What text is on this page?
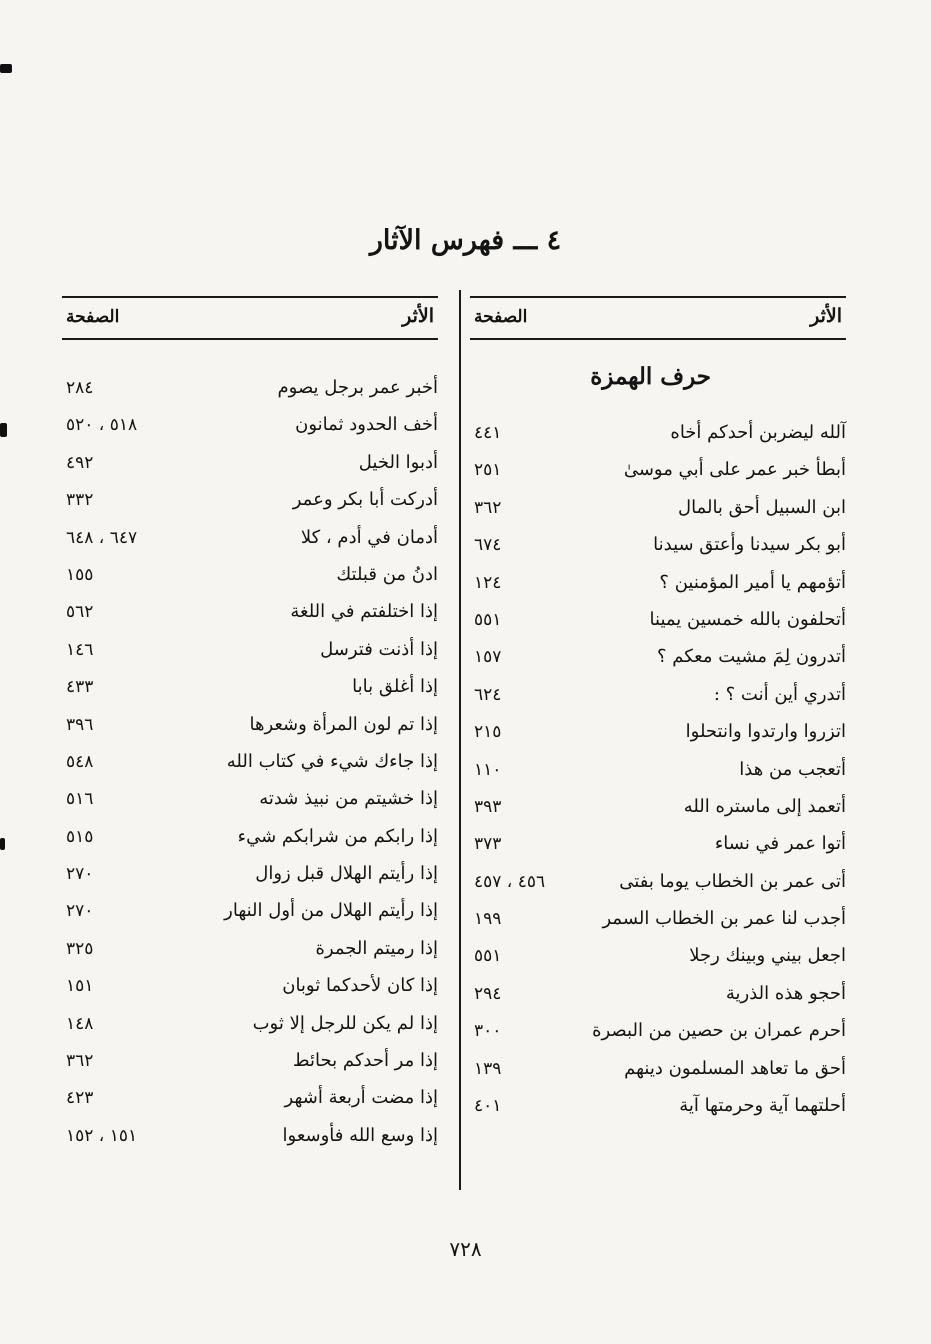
٤ ـــ فهرس الآثار
الأثر
الصفحة
حرف الهمزة
آلله ليضربن أحدكم أخاه
٤٤١
أبطأ خبر عمر على أبي موسىٰ
٢٥١
ابن السبيل أحق بالمال
٣٦٢
أبو بكر سيدنا وأعتق سيدنا
٦٧٤
أتؤمهم يا أمير المؤمنين ؟
١٢٤
أتحلفون بالله خمسين يمينا
٥٥١
أتدرون لِمَ مشيت معكم ؟
١٥٧
أتدري أين أنت ؟ :
٦٢٤
اتزروا وارتدوا وانتحلوا
٢١٥
أتعجب من هذا
١١٠
أتعمد إلى ماستره الله
٣٩٣
أتوا عمر في نساء
٣٧٣
أتى عمر بن الخطاب يوما بفتى
٤٥٦ ، ٤٥٧
أجدب لنا عمر بن الخطاب السمر
١٩٩
اجعل بيني وبينك رجلا
٥٥١
أحجو هذه الذرية
٢٩٤
أحرم عمران بن حصين من البصرة
٣٠٠
أحق ما تعاهد المسلمون دينهم
١٣٩
أحلتهما آية وحرمتها آية
٤٠١
الأثر
الصفحة
أخبر عمر برجل يصوم
٢٨٤
أخف الحدود ثمانون
٥١٨ ، ٥٢٠
أدبوا الخيل
٤٩٢
أدركت أبا بكر وعمر
٣٣٢
أدمان في أدم ، كلا
٦٤٧ ، ٦٤٨
ادنُ من قبلتك
١٥٥
إذا اختلفتم في اللغة
٥٦٢
إذا أذنت فترسل
١٤٦
إذا أغلق بابا
٤٣٣
إذا تم لون المرأة وشعرها
٣٩٦
إذا جاءك شيء في كتاب الله
٥٤٨
إذا خشيتم من نبيذ شدته
٥١٦
إذا رابكم من شرابكم شيء
٥١٥
إذا رأيتم الهلال قبل زوال
٢٧٠
إذا رأيتم الهلال من أول النهار
٢٧٠
إذا رميتم الجمرة
٣٢٥
إذا كان لأحدكما ثوبان
١٥١
إذا لم يكن للرجل إلا ثوب
١٤٨
إذا مر أحدكم بحائط
٣٦٢
إذا مضت أربعة أشهر
٤٢٣
إذا وسع الله فأوسعوا
١٥١ ، ١٥٢
٧٢٨
